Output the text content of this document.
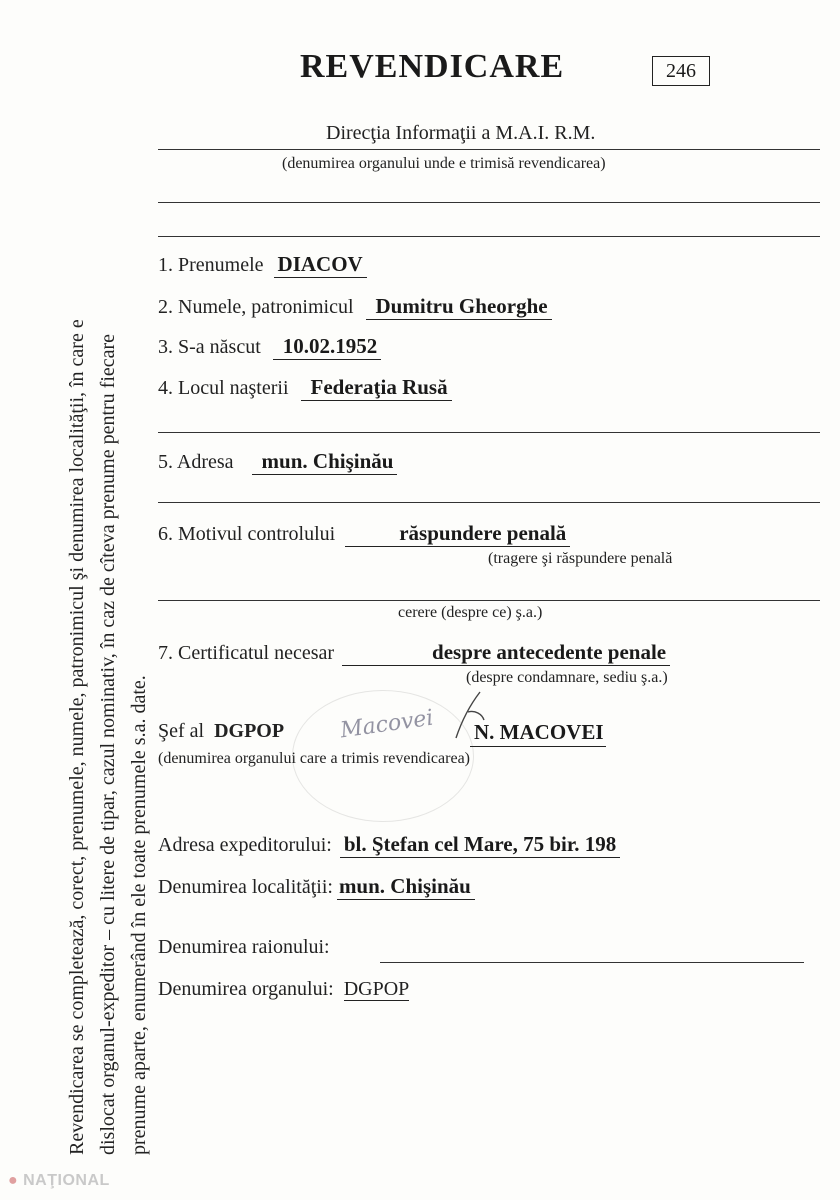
Revendicarea se completează, corect, prenumele, numele, patronimicul şi denumirea localităţii, în care e dislocat organul-expeditor – cu litere de tipar, cazul nominativ, în caz de cîteva prenume pentru fiecare prenume aparte, enumerând în ele toate prenumele s.a. date.
REVENDICARE	246
Direcţia Informaţii a M.A.I. R.M.
(denumirea organului unde e trimisă revendicarea)
1. Prenumele DIACOV
2. Numele, patronimicul Dumitru Gheorghe
3. S-a născut 10.02.1952
4. Locul naşterii Federaţia Rusă
5. Adresa mun. Chişinău
6. Motivul controlului	răspundere penală
(tragere şi răspundere penală
cerere (despre ce) ş.a.)
7. Certificatul necesar	despre antecedente penale
(despre condamnare, sediu ş.a.)
Macovei
Şef al DGPOP	N. MACOVEI
(denumirea organului care a trimis revendicarea)
Adresa expeditorului: bl. Ştefan cel Mare, 75 bir. 198
Denumirea localităţii: mun. Chişinău
Denumirea raionului:
Denumirea organului: DGPOP
● NAŢIONAL
